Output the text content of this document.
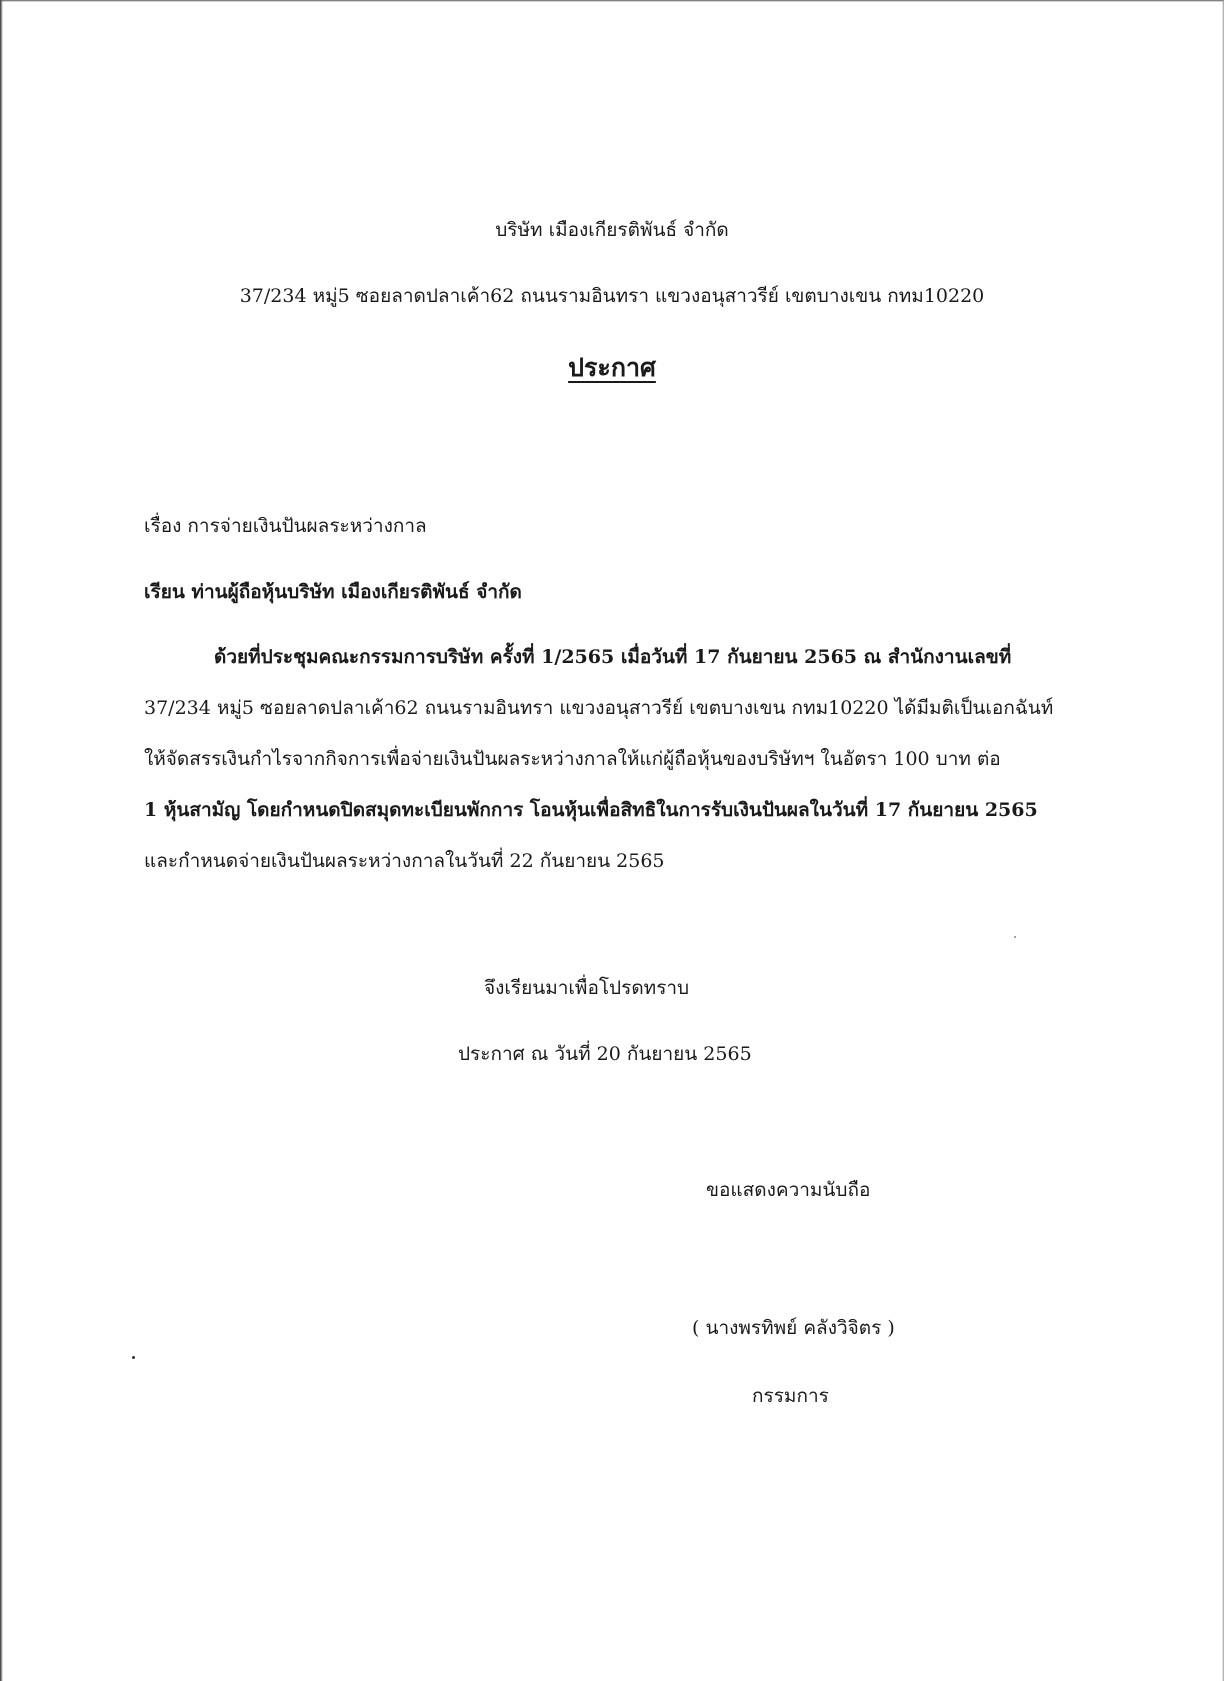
บริษัท เมืองเกียรติพันธ์ จำกัด
37/234 หมู่5 ซอยลาดปลาเค้า62 ถนนรามอินทรา แขวงอนุสาวรีย์ เขตบางเขน กทม10220
ประกาศ
เรื่อง การจ่ายเงินปันผลระหว่างกาล
เรียน ท่านผู้ถือหุ้นบริษัท เมืองเกียรติพันธ์ จำกัด
ด้วยที่ประชุมคณะกรรมการบริษัท ครั้งที่ 1/2565 เมื่อวันที่ 17 กันยายน 2565 ณ สำนักงานเลขที่
37/234 หมู่5 ซอยลาดปลาเค้า62 ถนนรามอินทรา แขวงอนุสาวรีย์ เขตบางเขน กทม10220 ได้มีมติเป็นเอกฉันท์
ให้จัดสรรเงินกำไรจากกิจการเพื่อจ่ายเงินปันผลระหว่างกาลให้แก่ผู้ถือหุ้นของบริษัทฯ ในอัตรา 100 บาท ต่อ
1 หุ้นสามัญ โดยกำหนดปิดสมุดทะเบียนพักการ โอนหุ้นเพื่อสิทธิในการรับเงินปันผลในวันที่ 17 กันยายน 2565
และกำหนดจ่ายเงินปันผลระหว่างกาลในวันที่ 22 กันยายน 2565
จึงเรียนมาเพื่อโปรดทราบ
ประกาศ ณ วันที่ 20 กันยายน 2565
ขอแสดงความนับถือ
( นางพรทิพย์ คลังวิจิตร )
กรรมการ
